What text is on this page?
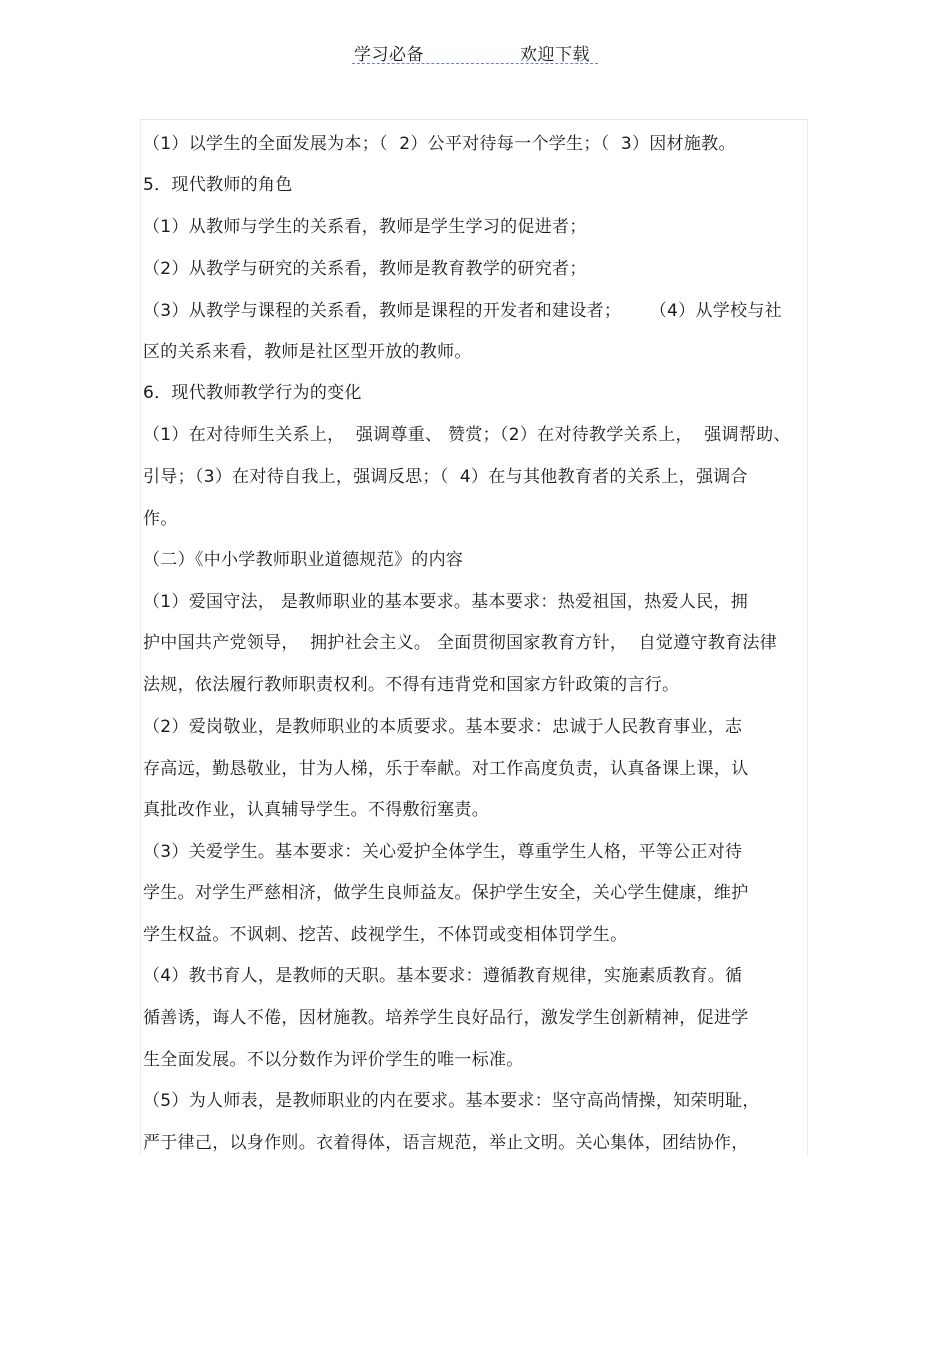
学习必备	欢迎下载
（1）以学生的全面发展为本；（  2）公平对待每一个学生；（  3）因材施教。
5．现代教师的角色
（1）从教师与学生的关系看，教师是学生学习的促进者；
（2）从教学与研究的关系看，教师是教育教学的研究者；
（3）从教学与课程的关系看，教师是课程的开发者和建设者；     （4）从学校与社
区的关系来看，教师是社区型开放的教师。
6．现代教师教学行为的变化
（1）在对待师生关系上，  强调尊重、 赞赏；（2）在对待教学关系上，  强调帮助、
引导；（3）在对待自我上，强调反思；（  4）在与其他教育者的关系上，强调合
作。
（二）《中小学教师职业道德规范》的内容
（1）爱国守法， 是教师职业的基本要求。基本要求：热爱祖国，热爱人民，拥
护中国共产党领导，  拥护社会主义。 全面贯彻国家教育方针，  自觉遵守教育法律
法规，依法履行教师职责权利。不得有违背党和国家方针政策的言行。
（2）爱岗敬业，是教师职业的本质要求。基本要求：忠诚于人民教育事业，志
存高远，勤恳敬业，甘为人梯，乐于奉献。对工作高度负责，认真备课上课，认
真批改作业，认真辅导学生。不得敷衍塞责。
（3）关爱学生。基本要求：关心爱护全体学生，尊重学生人格，平等公正对待
学生。对学生严慈相济，做学生良师益友。保护学生安全，关心学生健康，维护
学生权益。不讽刺、挖苦、歧视学生，不体罚或变相体罚学生。
（4）教书育人，是教师的天职。基本要求：遵循教育规律，实施素质教育。循
循善诱，诲人不倦，因材施教。培养学生良好品行，激发学生创新精神，促进学
生全面发展。不以分数作为评价学生的唯一标准。
（5）为人师表，是教师职业的内在要求。基本要求：坚守高尚情操，知荣明耻，
严于律己，以身作则。衣着得体，语言规范，举止文明。关心集体，团结协作，
